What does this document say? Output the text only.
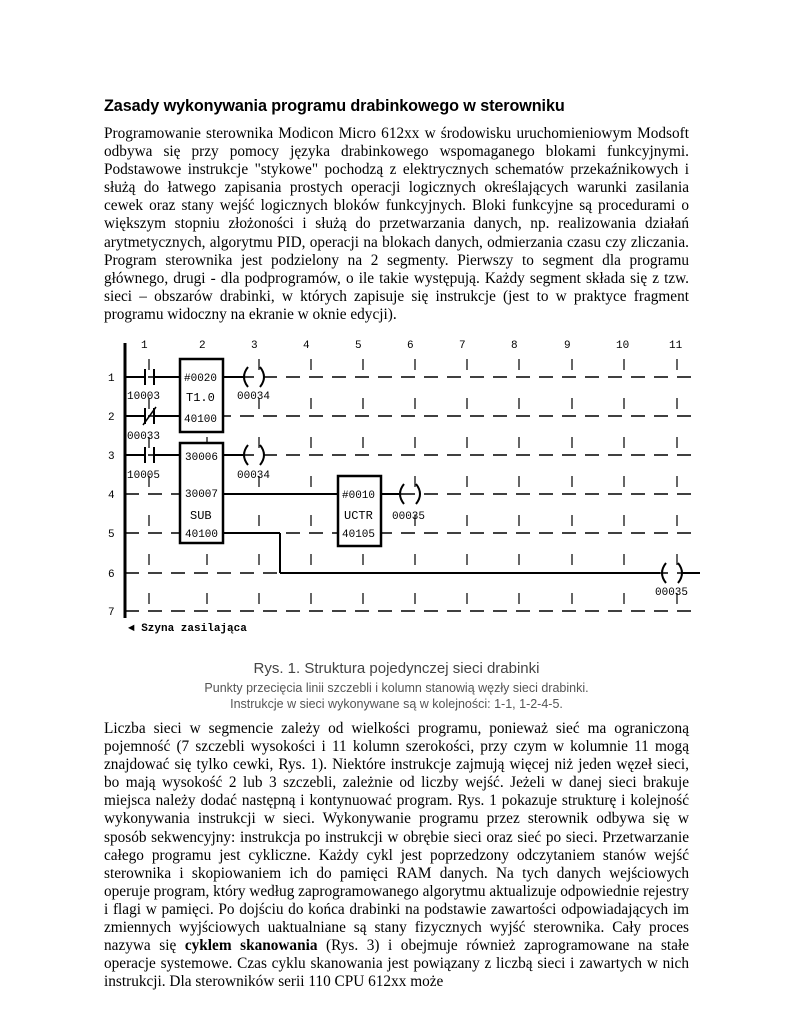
Zasady wykonywania programu drabinkowego w sterowniku

Programowanie sterownika Modicon Micro 612xx w środowisku uruchomieniowym Modsoft odbywa się przy pomocy języka drabinkowego wspomaganego blokami funkcyjnymi. Podstawowe instrukcje "stykowe" pochodzą z elektrycznych schematów przekaźnikowych i służą do łatwego zapisania prostych operacji logicznych określających warunki zasilania cewek oraz stany wejść logicznych bloków funkcyjnych. Bloki funkcyjne są procedurami o większym stopniu złożoności i służą do przetwarzania danych, np. realizowania działań arytmetycznych, algorytmu PID, operacji na blokach danych, odmierzania czasu czy zliczania. Program sterownika jest podzielony na 2 segmenty. Pierwszy to segment dla programu głównego, drugi - dla podprogramów, o ile takie występują. Każdy segment składa się z tzw. sieci – obszarów drabinki, w których zapisuje się instrukcje (jest to w praktyce fragment programu widoczny na ekranie w oknie edycji).

1	2	3	4	5	6	7	8	9	10	11
1
2
3
4
5
6
7
◄ Szyna zasilająca
10003
00033
10005
#0020
T1.0
40100
00034
30006
30007
SUB
40100
00034
#0010
UCTR
40105
00035
00035
Rys. 1. Struktura pojedynczej sieci drabinki
Punkty przecięcia linii szczebli i kolumn stanowią węzły sieci drabinki.
Instrukcje w sieci wykonywane są w kolejności: 1-1, 1-2-4-5.

Liczba sieci w segmencie zależy od wielkości programu, ponieważ sieć ma ograniczoną pojemność (7 szczebli wysokości i 11 kolumn szerokości, przy czym w kolumnie 11 mogą znajdować się tylko cewki, Rys. 1). Niektóre instrukcje zajmują więcej niż jeden węzeł sieci, bo mają wysokość 2 lub 3 szczebli, zależnie od liczby wejść. Jeżeli w danej sieci brakuje miejsca należy dodać następną i kontynuować program. Rys. 1 pokazuje strukturę i kolejność wykonywania instrukcji w sieci. Wykonywanie programu przez sterownik odbywa się w sposób sekwencyjny: instrukcja po instrukcji w obrębie sieci oraz sieć po sieci. Przetwarzanie całego programu jest cykliczne. Każdy cykl jest poprzedzony odczytaniem stanów wejść sterownika i skopiowaniem ich do pamięci RAM danych. Na tych danych wejściowych operuje program, który według zaprogramowanego algorytmu aktualizuje odpowiednie rejestry i flagi w pamięci. Po dojściu do końca drabinki na podstawie zawartości odpowiadających im zmiennych wyjściowych uaktualniane są stany fizycznych wyjść sterownika. Cały proces nazywa się cyklem skanowania (Rys. 3) i obejmuje również zaprogramowane na stałe operacje systemowe. Czas cyklu skanowania jest powiązany z liczbą sieci i zawartych w nich instrukcji. Dla sterowników serii 110 CPU 612xx może
